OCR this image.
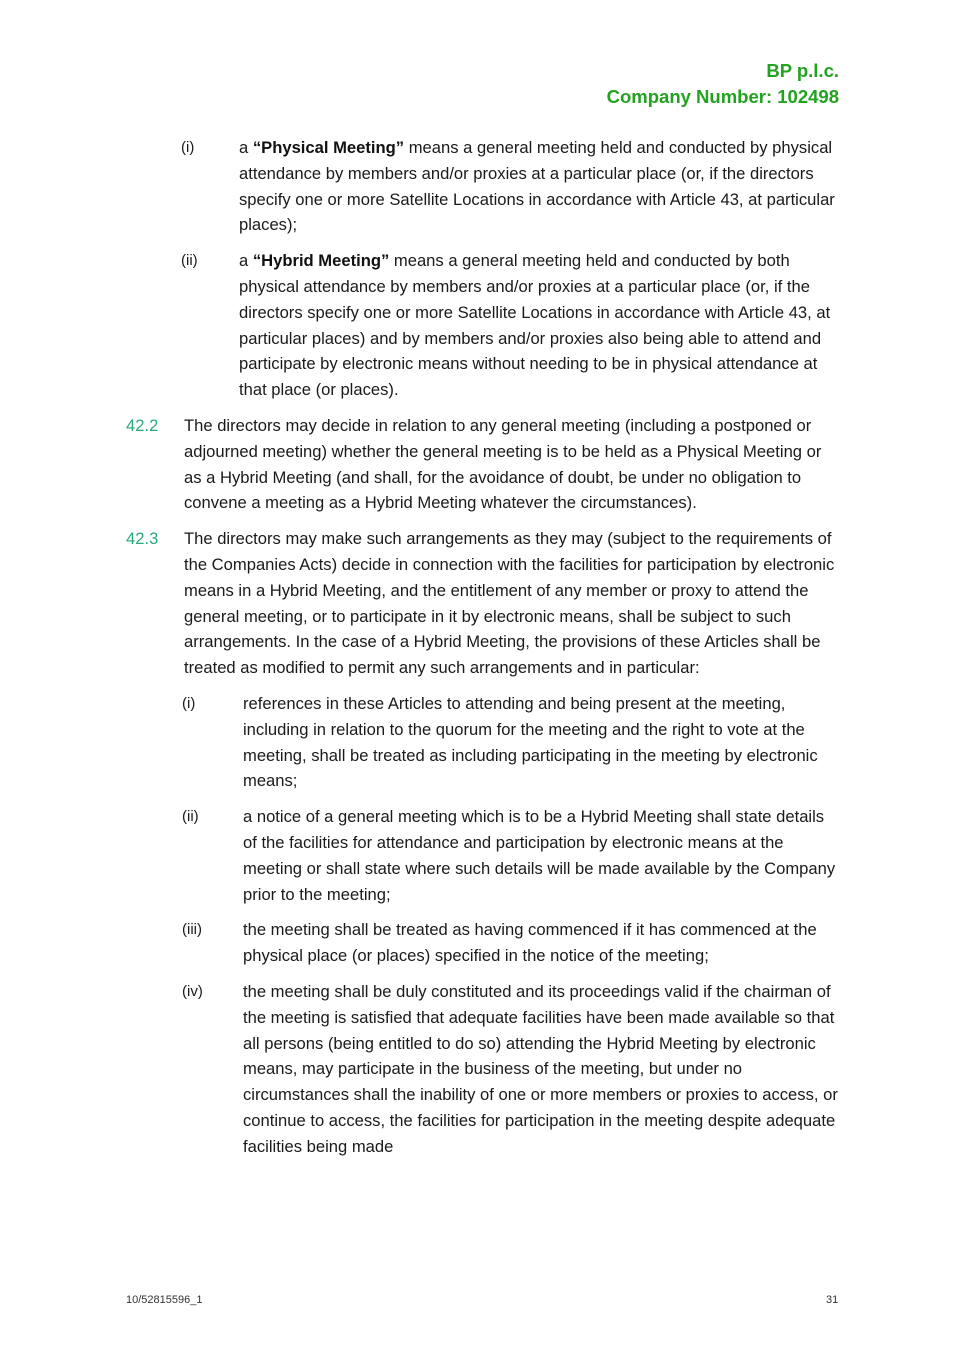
BP p.l.c.
Company Number: 102498
(i)	a “Physical Meeting” means a general meeting held and conducted by physical attendance by members and/or proxies at a particular place (or, if the directors specify one or more Satellite Locations in accordance with Article 43, at particular places);
(ii)	a “Hybrid Meeting” means a general meeting held and conducted by both physical attendance by members and/or proxies at a particular place (or, if the directors specify one or more Satellite Locations in accordance with Article 43, at particular places) and by members and/or proxies also being able to attend and participate by electronic means without needing to be in physical attendance at that place (or places).
42.2	The directors may decide in relation to any general meeting (including a postponed or adjourned meeting) whether the general meeting is to be held as a Physical Meeting or as a Hybrid Meeting (and shall, for the avoidance of doubt, be under no obligation to convene a meeting as a Hybrid Meeting whatever the circumstances).
42.3	The directors may make such arrangements as they may (subject to the requirements of the Companies Acts) decide in connection with the facilities for participation by electronic means in a Hybrid Meeting, and the entitlement of any member or proxy to attend the general meeting, or to participate in it by electronic means, shall be subject to such arrangements. In the case of a Hybrid Meeting, the provisions of these Articles shall be treated as modified to permit any such arrangements and in particular:
(i)	references in these Articles to attending and being present at the meeting, including in relation to the quorum for the meeting and the right to vote at the meeting, shall be treated as including participating in the meeting by electronic means;
(ii)	a notice of a general meeting which is to be a Hybrid Meeting shall state details of the facilities for attendance and participation by electronic means at the meeting or shall state where such details will be made available by the Company prior to the meeting;
(iii)	the meeting shall be treated as having commenced if it has commenced at the physical place (or places) specified in the notice of the meeting;
(iv)	the meeting shall be duly constituted and its proceedings valid if the chairman of the meeting is satisfied that adequate facilities have been made available so that all persons (being entitled to do so) attending the Hybrid Meeting by electronic means, may participate in the business of the meeting, but under no circumstances shall the inability of one or more members or proxies to access, or continue to access, the facilities for participation in the meeting despite adequate facilities being made
10/52815596_1	31
